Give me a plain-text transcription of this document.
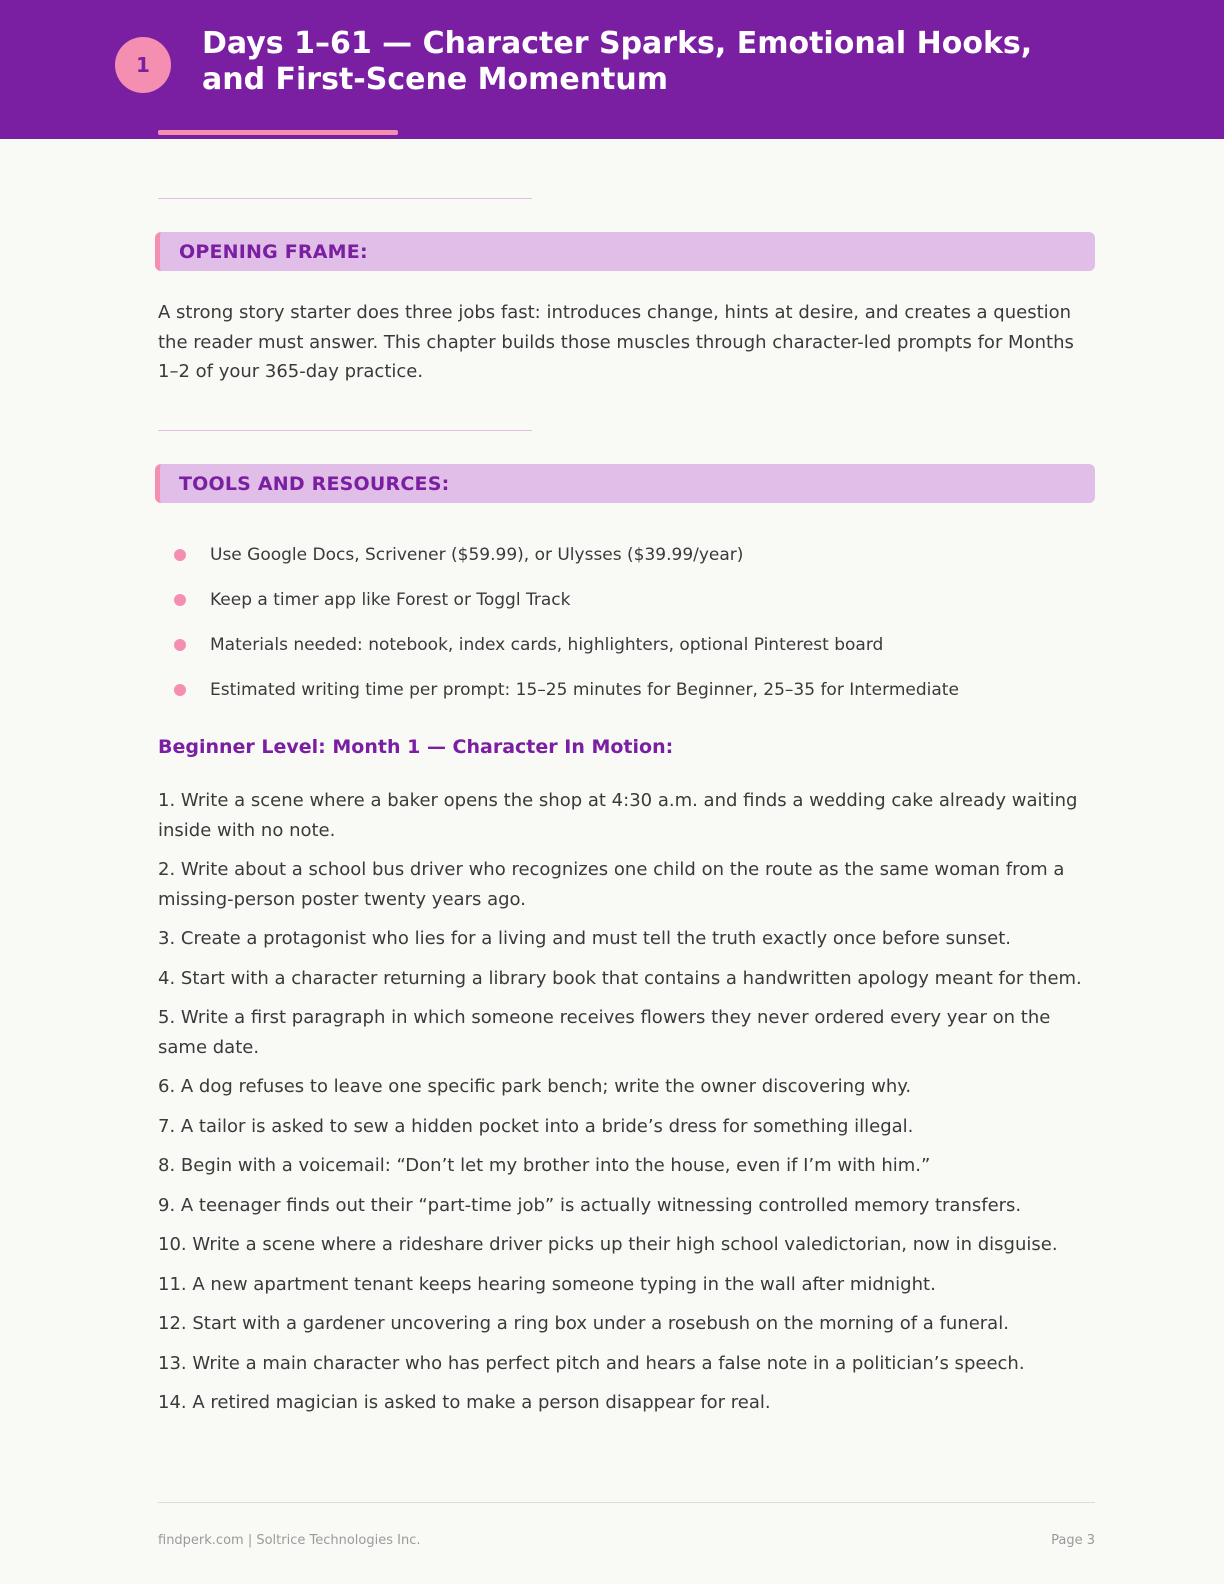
1
Days 1–61 — Character Sparks, Emotional Hooks, and First-Scene Momentum
OPENING FRAME:

A strong story starter does three jobs fast: introduces change, hints at desire, and creates a question the reader must answer. This chapter builds those muscles through character-led prompts for Months 1–2 of your 365-day practice.

TOOLS AND RESOURCES:
Use Google Docs, Scrivener ($59.99), or Ulysses ($39.99/year)
Keep a timer app like Forest or Toggl Track
Materials needed: notebook, index cards, highlighters, optional Pinterest board
Estimated writing time per prompt: 15–25 minutes for Beginner, 25–35 for Intermediate
Beginner Level: Month 1 — Character In Motion:
1. Write a scene where a baker opens the shop at 4:30 a.m. and finds a wedding cake already waiting inside with no note.
2. Write about a school bus driver who recognizes one child on the route as the same woman from a missing-person poster twenty years ago.
3. Create a protagonist who lies for a living and must tell the truth exactly once before sunset.
4. Start with a character returning a library book that contains a handwritten apology meant for them.
5. Write a first paragraph in which someone receives flowers they never ordered every year on the same date.
6. A dog refuses to leave one specific park bench; write the owner discovering why.
7. A tailor is asked to sew a hidden pocket into a bride’s dress for something illegal.
8. Begin with a voicemail: “Don’t let my brother into the house, even if I’m with him.”
9. A teenager finds out their “part-time job” is actually witnessing controlled memory transfers.
10. Write a scene where a rideshare driver picks up their high school valedictorian, now in disguise.
11. A new apartment tenant keeps hearing someone typing in the wall after midnight.
12. Start with a gardener uncovering a ring box under a rosebush on the morning of a funeral.
13. Write a main character who has perfect pitch and hears a false note in a politician’s speech.
14. A retired magician is asked to make a person disappear for real.
findperk.com | Soltrice Technologies Inc.	Page 3
